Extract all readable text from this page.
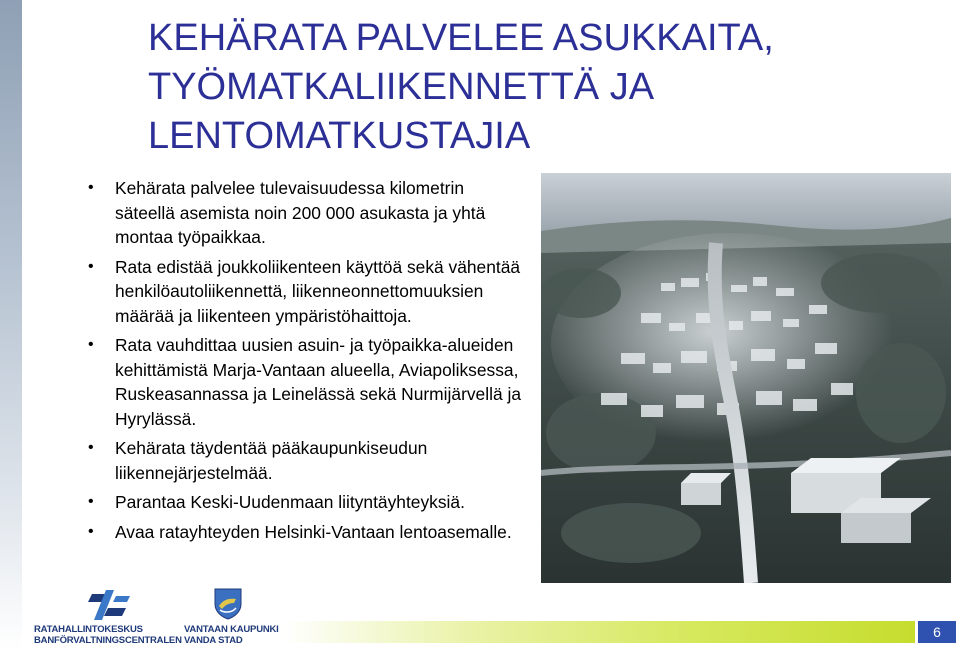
KEHÄRATA PALVELEE ASUKKAITA,
TYÖMATKALIIKENNETTÄ JA
LENTOMATKUSTAJIA
• Kehärata palvelee tulevaisuudessa kilometrin säteellä asemista noin 200 000 asukasta ja yhtä montaa työpaikkaa.
• Rata edistää joukkoliikenteen käyttöä sekä vähentää henkilöautoliikennettä, liikenneonnettomuuksien määrää ja liikenteen ympäristöhaittoja.
• Rata vauhdittaa uusien asuin- ja työpaikka-alueiden kehittämistä Marja-Vantaan alueella, Aviapoliksessa, Ruskeasannassa ja Leinelässä sekä Nurmijärvellä ja Hyrylässä.
• Kehärata täydentää pääkaupunkiseudun liikennejärjestelmää.
• Parantaa Keski-Uudenmaan liityntäyhteyksiä.
• Avaa ratayhteyden Helsinki-Vantaan lentoasemalle.
RATAHALLINTOKESKUS
BANFÖRVALTNINGSCENTRALEN
VANTAAN KAUPUNKI
VANDA STAD
6
